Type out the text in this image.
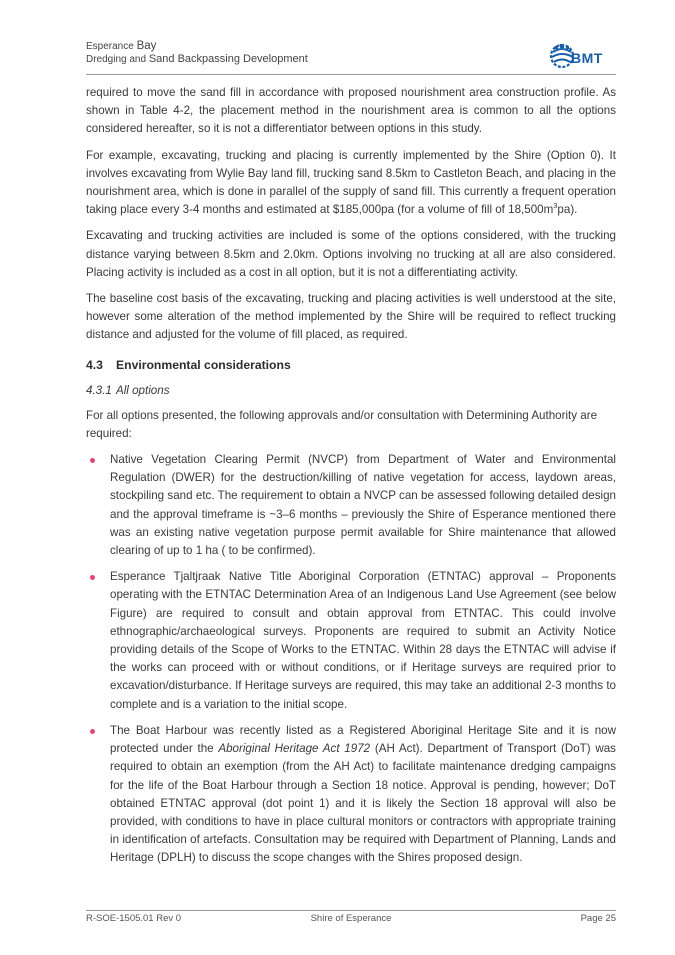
Esperance Bay
Dredging and Sand Backpassing Development	BMT

required to move the sand fill in accordance with proposed nourishment area construction profile. As shown in Table 4-2, the placement method in the nourishment area is common to all the options considered hereafter, so it is not a differentiator between options in this study.

For example, excavating, trucking and placing is currently implemented by the Shire (Option 0). It involves excavating from Wylie Bay land fill, trucking sand 8.5km to Castleton Beach, and placing in the nourishment area, which is done in parallel of the supply of sand fill. This currently a frequent operation taking place every 3-4 months and estimated at $185,000pa (for a volume of fill of $18,500m^3pa$).

Excavating and trucking activities are included is some of the options considered, with the trucking distance varying between 8.5km and 2.0km. Options involving no trucking at all are also considered. Placing activity is included as a cost in all option, but it is not a differentiating activity.

The baseline cost basis of the excavating, trucking and placing activities is well understood at the site, however some alteration of the method implemented by the Shire will be required to reflect trucking distance and adjusted for the volume of fill placed, as required.

4.3 Environmental considerations
4.3.1 All options

For all options presented, the following approvals and/or consultation with Determining Authority are required:

Native Vegetation Clearing Permit (NVCP) from Department of Water and Environmental Regulation (DWER) for the destruction/killing of native vegetation for access, laydown areas, stockpiling sand etc. The requirement to obtain a NVCP can be assessed following detailed design and the approval timeframe is ~3–6 months – previously the Shire of Esperance mentioned there was an existing native vegetation purpose permit available for Shire maintenance that allowed clearing of up to 1 ha ( to be confirmed).
Esperance Tjaltjraak Native Title Aboriginal Corporation (ETNTAC) approval – Proponents operating with the ETNTAC Determination Area of an Indigenous Land Use Agreement (see below Figure) are required to consult and obtain approval from ETNTAC. This could involve ethnographic/archaeological surveys. Proponents are required to submit an Activity Notice providing details of the Scope of Works to the ETNTAC. Within 28 days the ETNTAC will advise if the works can proceed with or without conditions, or if Heritage surveys are required prior to excavation/disturbance. If Heritage surveys are required, this may take an additional 2-3 months to complete and is a variation to the initial scope.
The Boat Harbour was recently listed as a Registered Aboriginal Heritage Site and it is now protected under the Aboriginal Heritage Act 1972 (AH Act). Department of Transport (DoT) was required to obtain an exemption (from the AH Act) to facilitate maintenance dredging campaigns for the life of the Boat Harbour through a Section 18 notice. Approval is pending, however; DoT obtained ETNTAC approval (dot point 1) and it is likely the Section 18 approval will also be provided, with conditions to have in place cultural monitors or contractors with appropriate training in identification of artefacts. Consultation may be required with Department of Planning, Lands and Heritage (DPLH) to discuss the scope changes with the Shires proposed design.
R-SOE-1505.01 Rev 0	Shire of Esperance	Page 25
